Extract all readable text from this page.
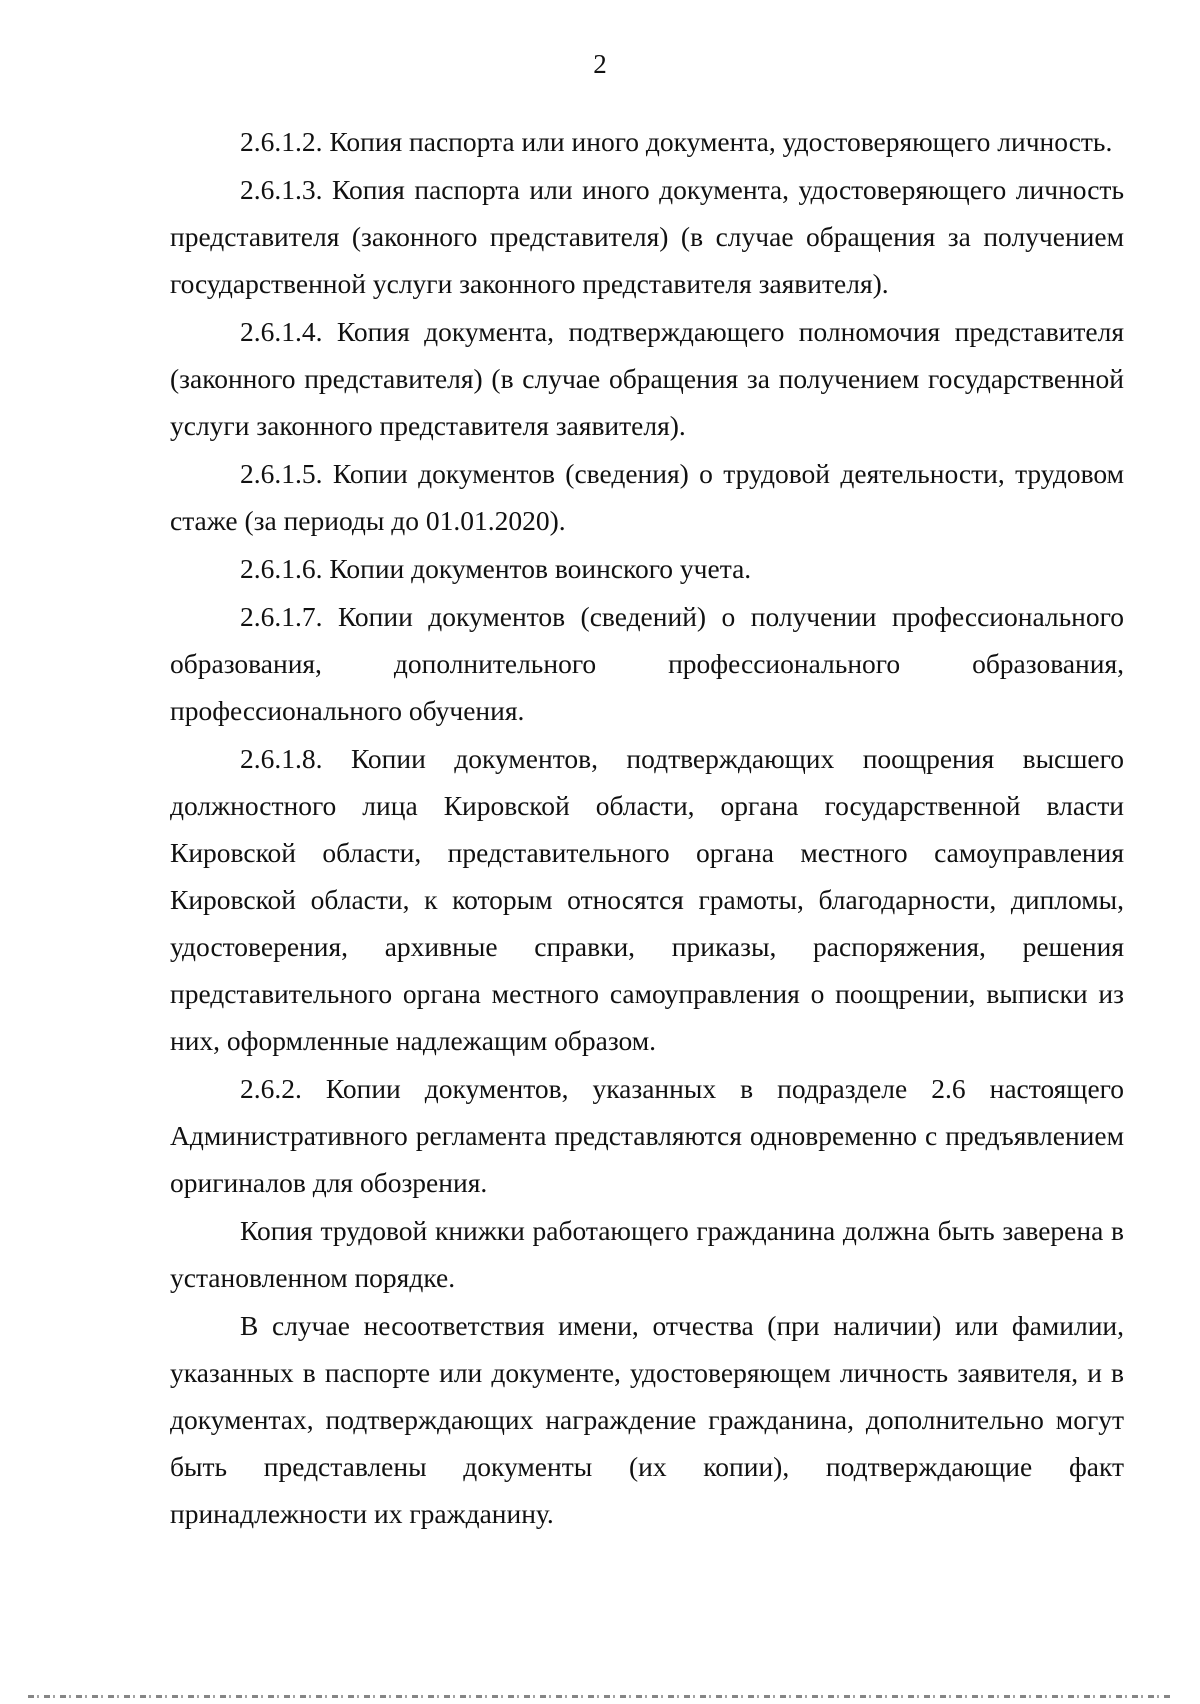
2

2.6.1.2. Копия паспорта или иного документа, удостоверяющего личность.

2.6.1.3. Копия паспорта или иного документа, удостоверяющего личность представителя (законного представителя) (в случае обращения за получением государственной услуги законного представителя заявителя).

2.6.1.4. Копия документа, подтверждающего полномочия представителя (законного представителя) (в случае обращения за получением государственной услуги законного представителя заявителя).

2.6.1.5. Копии документов (сведения) о трудовой деятельности, трудовом стаже (за периоды до 01.01.2020).

2.6.1.6. Копии документов воинского учета.

2.6.1.7. Копии документов (сведений) о получении профессионального образования, дополнительного профессионального образования, профессионального обучения.

2.6.1.8. Копии документов, подтверждающих поощрения высшего должностного лица Кировской области, органа государственной власти Кировской области, представительного органа местного самоуправления Кировской области, к которым относятся грамоты, благодарности, дипломы, удостоверения, архивные справки, приказы, распоряжения, решения представительного органа местного самоуправления о поощрении, выписки из них, оформленные надлежащим образом.

2.6.2. Копии документов, указанных в подразделе 2.6 настоящего Административного регламента представляются одновременно с предъявлением оригиналов для обозрения.

Копия трудовой книжки работающего гражданина должна быть заверена в установленном порядке.

В случае несоответствия имени, отчества (при наличии) или фамилии, указанных в паспорте или документе, удостоверяющем личность заявителя, и в документах, подтверждающих награждение гражданина, дополнительно могут быть представлены документы (их копии), подтверждающие факт принадлежности их гражданину.
